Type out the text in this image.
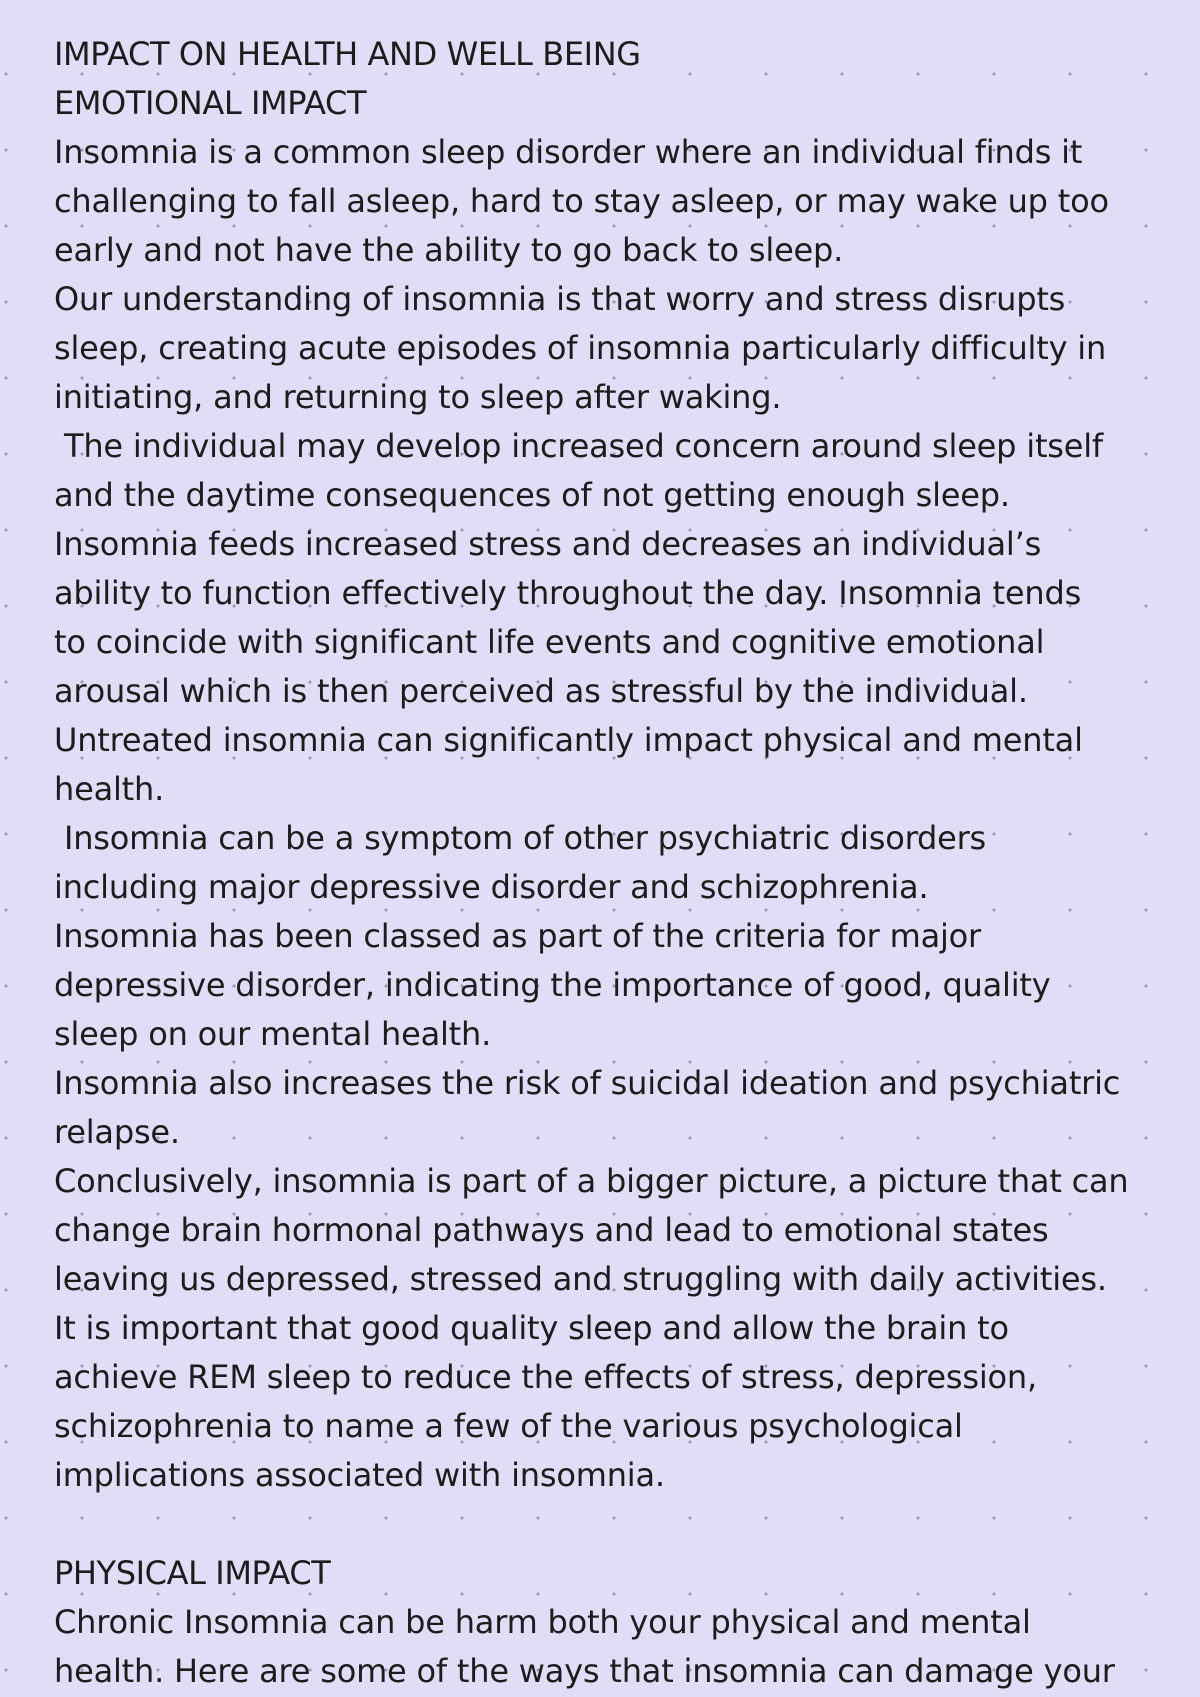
IMPACT ON HEALTH AND WELL BEING
EMOTIONAL IMPACT
Insomnia is a common sleep disorder where an individual finds it
challenging to fall asleep, hard to stay asleep, or may wake up too
early and not have the ability to go back to sleep.
Our understanding of insomnia is that worry and stress disrupts
sleep, creating acute episodes of insomnia particularly difficulty in
initiating, and returning to sleep after waking.
The individual may develop increased concern around sleep itself
and the daytime consequences of not getting enough sleep.
Insomnia feeds increased stress and decreases an individual’s
ability to function effectively throughout the day. Insomnia tends
to coincide with significant life events and cognitive emotional
arousal which is then perceived as stressful by the individual.
Untreated insomnia can significantly impact physical and mental
health.
Insomnia can be a symptom of other psychiatric disorders
including major depressive disorder and schizophrenia.
Insomnia has been classed as part of the criteria for major
depressive disorder, indicating the importance of good, quality
sleep on our mental health.
Insomnia also increases the risk of suicidal ideation and psychiatric
relapse.
Conclusively, insomnia is part of a bigger picture, a picture that can
change brain hormonal pathways and lead to emotional states
leaving us depressed, stressed and struggling with daily activities.
It is important that good quality sleep and allow the brain to
achieve REM sleep to reduce the effects of stress, depression,
schizophrenia to name a few of the various psychological
implications associated with insomnia.
PHYSICAL IMPACT
Chronic Insomnia can be harm both your physical and mental
health. Here are some of the ways that insomnia can damage your
